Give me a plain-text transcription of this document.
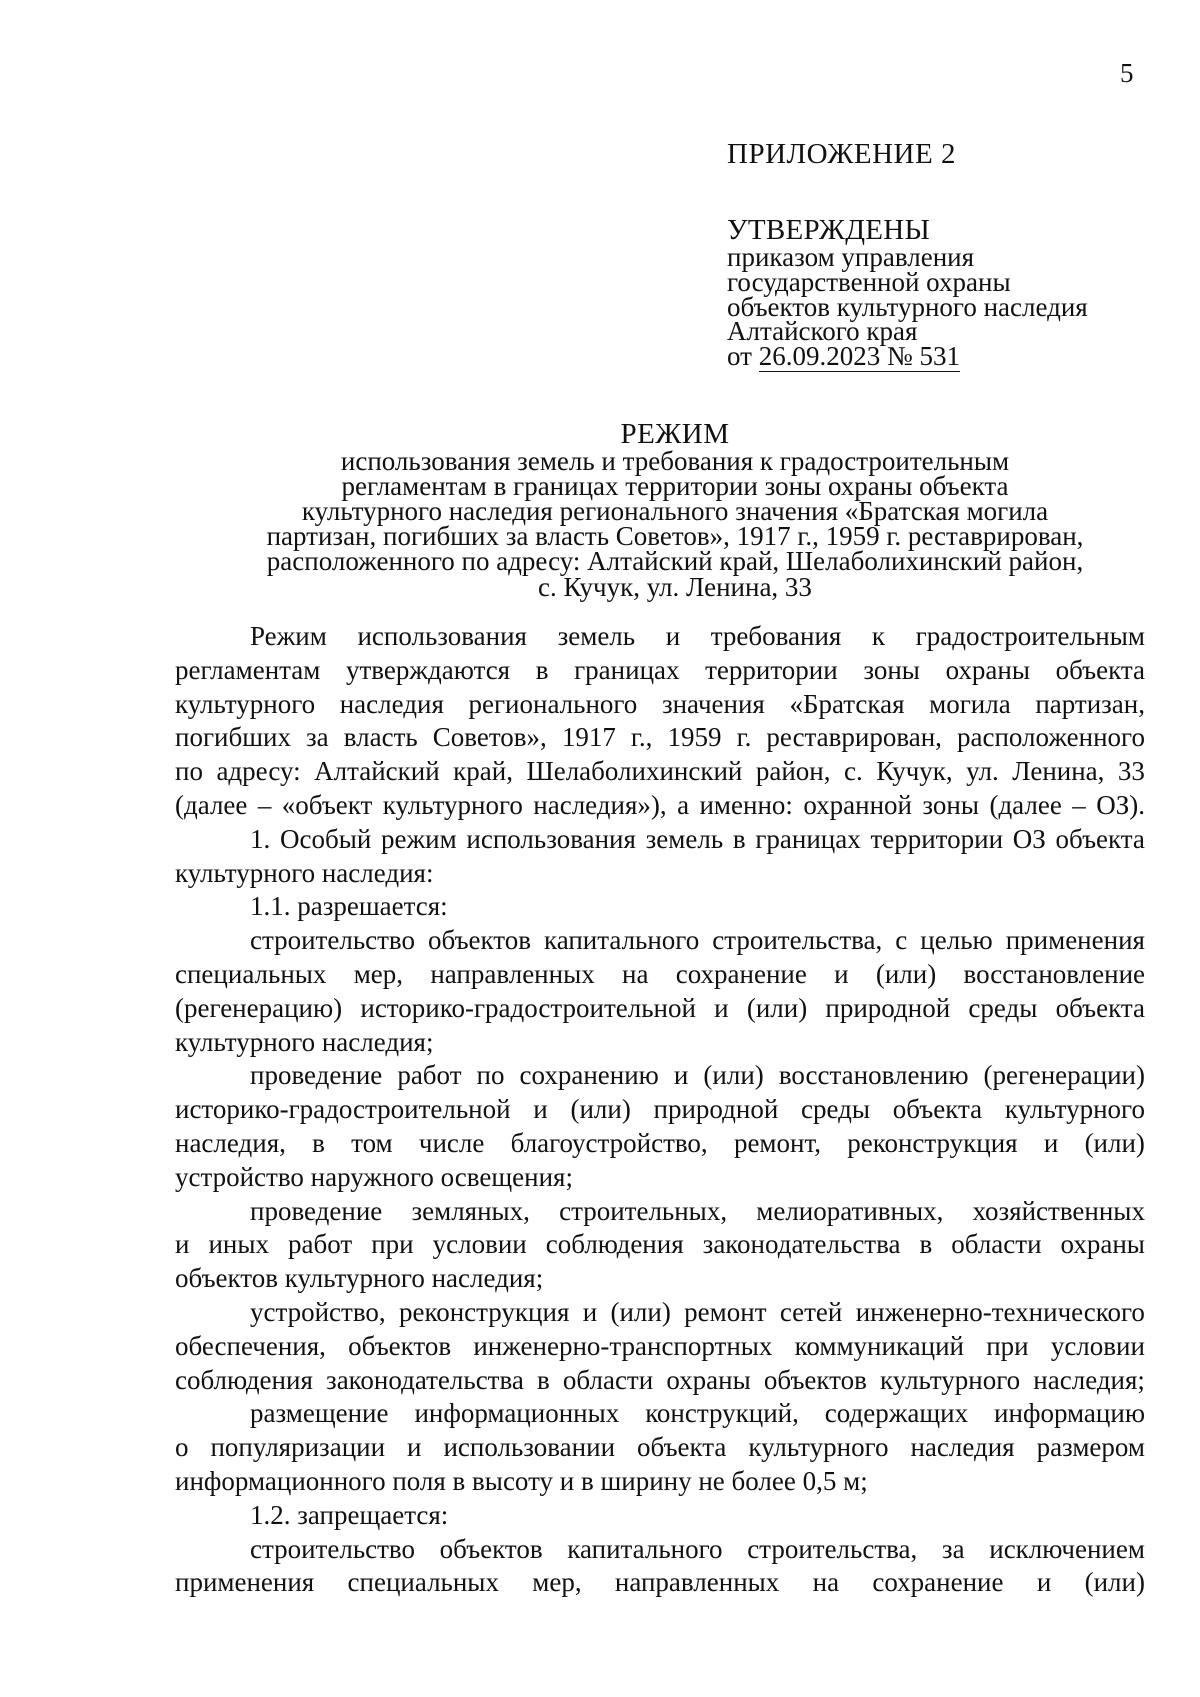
5
ПРИЛОЖЕНИЕ 2
УТВЕРЖДЕНЫ
приказом управления
государственной охраны
объектов культурного наследия
Алтайского края
от 26.09.2023 № 531
РЕЖИМ
использования земель и требования к градостроительным
регламентам в границах территории зоны охраны объекта
культурного наследия регионального значения «Братская могила
партизан, погибших за власть Советов», 1917 г., 1959 г. реставрирован,
расположенного по адресу: Алтайский край, Шелаболихинский район,
с. Кучук, ул. Ленина, 33
Режим использования земель и требования к градостроительным
регламентам утверждаются в границах территории зоны охраны объекта
культурного наследия регионального значения «Братская могила партизан,
погибших за власть Советов», 1917 г., 1959 г. реставрирован, расположенного
по адресу: Алтайский край, Шелаболихинский район, с. Кучук, ул. Ленина, 33
(далее – «объект культурного наследия»), а именно: охранной зоны (далее – ОЗ).
1. Особый режим использования земель в границах территории ОЗ объекта
культурного наследия:
1.1. разрешается:
строительство объектов капитального строительства, с целью применения
специальных мер, направленных на сохранение и (или) восстановление
(регенерацию) историко-градостроительной и (или) природной среды объекта
культурного наследия;
проведение работ по сохранению и (или) восстановлению (регенерации)
историко-градостроительной и (или) природной среды объекта культурного
наследия, в том числе благоустройство, ремонт, реконструкция и (или)
устройство наружного освещения;
проведение земляных, строительных, мелиоративных, хозяйственных
и иных работ при условии соблюдения законодательства в области охраны
объектов культурного наследия;
устройство, реконструкция и (или) ремонт сетей инженерно-технического
обеспечения, объектов инженерно-транспортных коммуникаций при условии
соблюдения законодательства в области охраны объектов культурного наследия;
размещение информационных конструкций, содержащих информацию
о популяризации и использовании объекта культурного наследия размером
информационного поля в высоту и в ширину не более 0,5 м;
1.2. запрещается:
строительство объектов капитального строительства, за исключением
применения специальных мер, направленных на сохранение и (или)
